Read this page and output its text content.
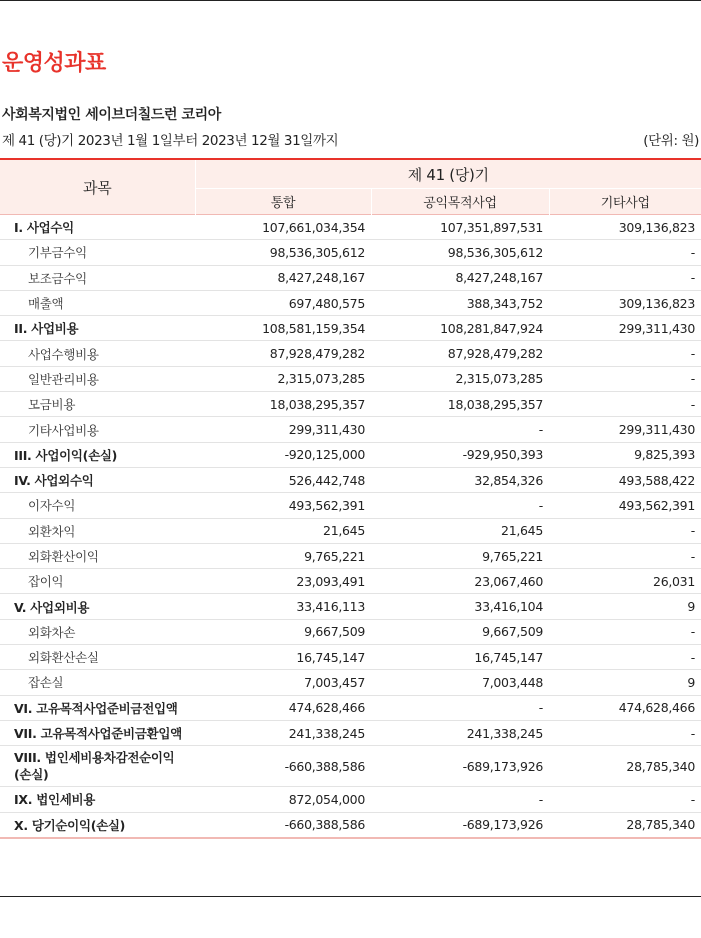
운영성과표
사회복지법인 세이브더칠드런 코리아
제 41 (당)기 2023년 1월 1일부터 2023년 12월 31일까지	(단위: 원)
과목	제 41 (당)기		
	통합	공익목적사업	기타사업
I. 사업수익	107,661,034,354	107,351,897,531	309,136,823
기부금수익	98,536,305,612	98,536,305,612	-
보조금수익	8,427,248,167	8,427,248,167	-
매출액	697,480,575	388,343,752	309,136,823
II. 사업비용	108,581,159,354	108,281,847,924	299,311,430
사업수행비용	87,928,479,282	87,928,479,282	-
일반관리비용	2,315,073,285	2,315,073,285	-
모금비용	18,038,295,357	18,038,295,357	-
기타사업비용	299,311,430	-	299,311,430
III. 사업이익(손실)	-920,125,000	-929,950,393	9,825,393
IV. 사업외수익	526,442,748	32,854,326	493,588,422
이자수익	493,562,391	-	493,562,391
외환차익	21,645	21,645	-
외화환산이익	9,765,221	9,765,221	-
잡이익	23,093,491	23,067,460	26,031
V. 사업외비용	33,416,113	33,416,104	9
외화차손	9,667,509	9,667,509	-
외화환산손실	16,745,147	16,745,147	-
잡손실	7,003,457	7,003,448	9
VI. 고유목적사업준비금전입액	474,628,466	-	474,628,466
VII. 고유목적사업준비금환입액	241,338,245	241,338,245	-
VIII. 법인세비용차감전순이익(손실)	-660,388,586	-689,173,926	28,785,340
IX. 법인세비용	872,054,000	-	-
X. 당기순이익(손실)	-660,388,586	-689,173,926	28,785,340
